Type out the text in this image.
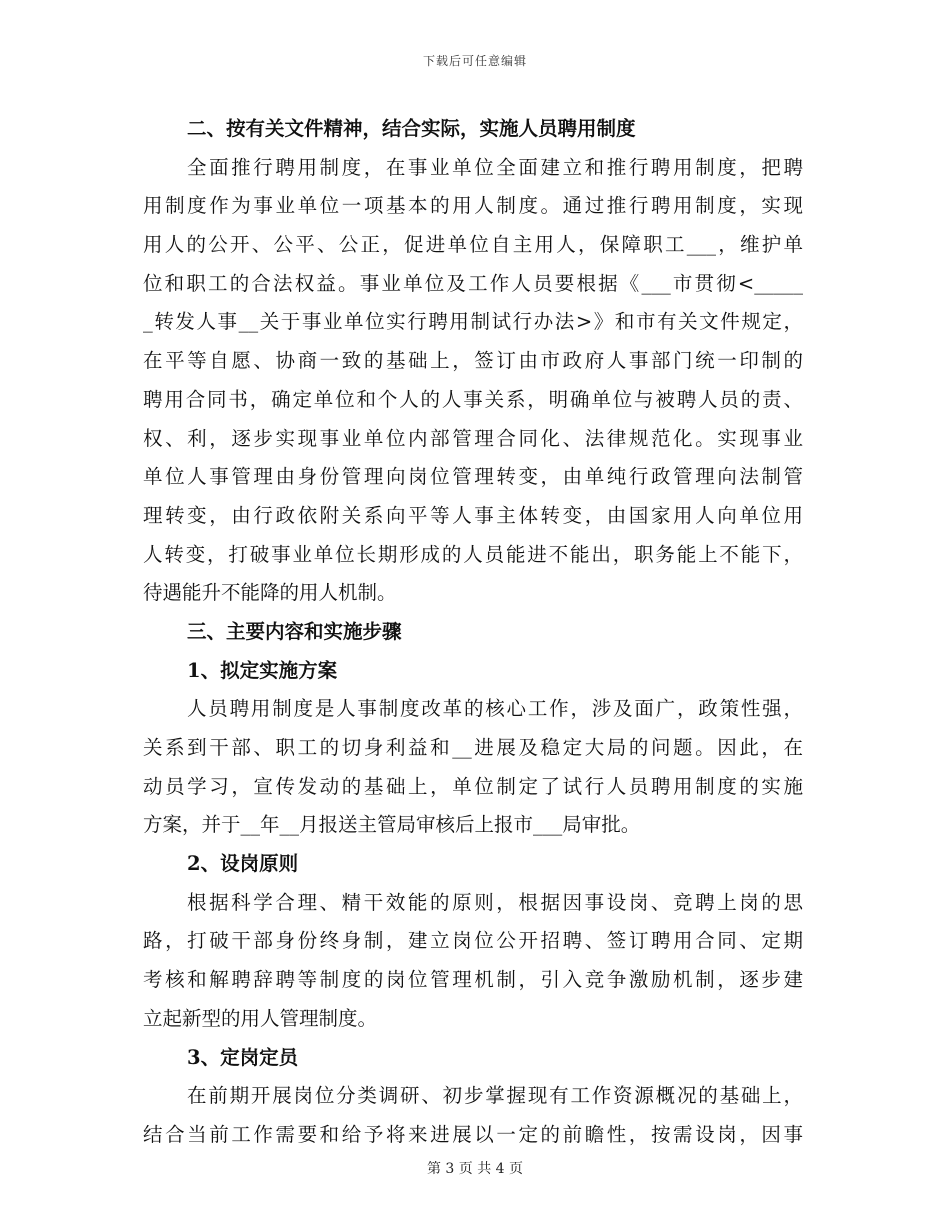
下载后可任意编辑
二、按有关文件精神，结合实际，实施人员聘用制度
全面推行聘用制度，在事业单位全面建立和推行聘用制度，把聘
用制度作为事业单位一项基本的用人制度。通过推行聘用制度，实现
用人的公开、公平、公正，促进单位自主用人，保障职工___，维护单
位和职工的合法权益。事业单位及工作人员要根据《___市贯彻<_____
_转发人事__关于事业单位实行聘用制试行办法>》和市有关文件规定，
在平等自愿、协商一致的基础上，签订由市政府人事部门统一印制的
聘用合同书，确定单位和个人的人事关系，明确单位与被聘人员的责、
权、利，逐步实现事业单位内部管理合同化、法律规范化。实现事业
单位人事管理由身份管理向岗位管理转变，由单纯行政管理向法制管
理转变，由行政依附关系向平等人事主体转变，由国家用人向单位用
人转变，打破事业单位长期形成的人员能进不能出，职务能上不能下，
待遇能升不能降的用人机制。
三、主要内容和实施步骤
1、拟定实施方案
人员聘用制度是人事制度改革的核心工作，涉及面广，政策性强，
关系到干部、职工的切身利益和__进展及稳定大局的问题。因此，在
动员学习，宣传发动的基础上，单位制定了试行人员聘用制度的实施
方案，并于__年__月报送主管局审核后上报市___局审批。
2、设岗原则
根据科学合理、精干效能的原则，根据因事设岗、竞聘上岗的思
路，打破干部身份终身制，建立岗位公开招聘、签订聘用合同、定期
考核和解聘辞聘等制度的岗位管理机制，引入竞争激励机制，逐步建
立起新型的用人管理制度。
3、定岗定员
在前期开展岗位分类调研、初步掌握现有工作资源概况的基础上，
结合当前工作需要和给予将来进展以一定的前瞻性，按需设岗，因事
第 3 页 共 4 页
